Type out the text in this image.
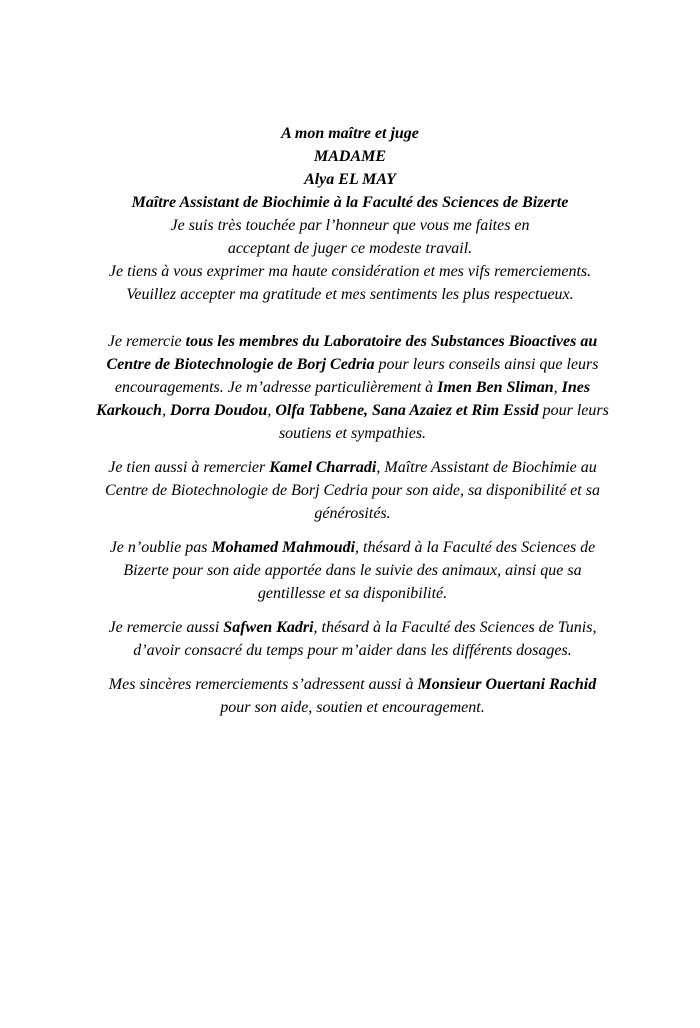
A mon maître et juge
MADAME
Alya EL MAY
Maître Assistant de Biochimie à la Faculté des Sciences de Bizerte
Je suis très touchée par l’honneur que vous me faites en
acceptant de juger ce modeste travail.
Je tiens à vous exprimer ma haute considération et mes vifs remerciements.
Veuillez accepter ma gratitude et mes sentiments les plus respectueux.

Je remercie tous les membres du Laboratoire des Substances Bioactives au
Centre de Biotechnologie de Borj Cedria pour leurs conseils ainsi que leurs
encouragements. Je m’adresse particulièrement à Imen Ben Sliman, Ines
Karkouch, Dorra Doudou, Olfa Tabbene, Sana Azaiez et Rim Essid pour leurs
soutiens et sympathies.

Je tien aussi à remercier Kamel Charradi, Maître Assistant de Biochimie au
Centre de Biotechnologie de Borj Cedria pour son aide, sa disponibilité et sa
générosités.

Je n’oublie pas Mohamed Mahmoudi, thésard à la Faculté des Sciences de
Bizerte pour son aide apportée dans le suivie des animaux, ainsi que sa
gentillesse et sa disponibilité.

Je remercie aussi Safwen Kadri, thésard à la Faculté des Sciences de Tunis,
d’avoir consacré du temps pour m’aider dans les différents dosages.

Mes sincères remerciements s’adressent aussi à Monsieur Ouertani Rachid
pour son aide, soutien et encouragement.
